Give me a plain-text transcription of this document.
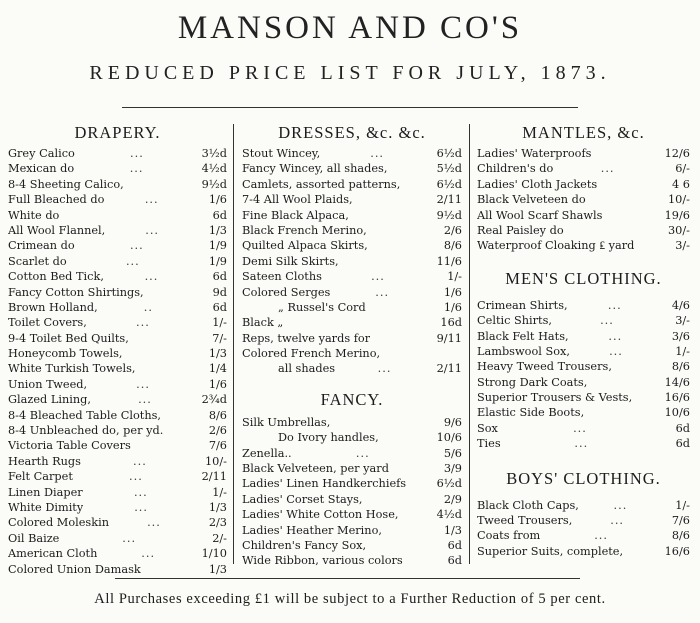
MANSON AND CO'S
REDUCED PRICE LIST FOR JULY, 1873.
DRAPERY.
Grey Calico	...	3½d
Mexican do	...	4½d
8-4 Sheeting Calico,	9½d
Full Bleached do	...	1/6
White do	6d
All Wool Flannel,	...	1/3
Crimean do	...	1/9
Scarlet do	...	1/9
Cotton Bed Tick,	...	6d
Fancy Cotton Shirtings,	9d
Brown Holland,	..	6d
Toilet Covers,	...	1/-
9-4 Toilet Bed Quilts,	7/-
Honeycomb Towels,	1/3
White Turkish Towels,	1/4
Union Tweed,	...	1/6
Glazed Lining,	...	2¾d
8-4 Bleached Table Cloths,	8/6
8-4 Unbleached do, per yd.	2/6
Victoria Table Covers	7/6
Hearth Rugs	...	10/-
Felt Carpet	...	2/11
Linen Diaper	...	1/-
White Dimity	...	1/3
Colored Moleskin	...	2/3
Oil Baize	...	2/-
American Cloth	...	1/10
Colored Union Damask	1/3
DRESSES, &c. &c.
Stout Wincey,	...	6½d
Fancy Wincey, all shades,	5½d
Camlets, assorted patterns,	6½d
7-4 All Wool Plaids,	2/11
Fine Black Alpaca,	9½d
Black French Merino,	2/6
Quilted Alpaca Skirts,	8/6
Demi Silk Skirts,	11/6
Sateen Cloths	...	1/-
Colored Serges	...	1/6
„ Russel's Cord	1/6
Black „	16d
Reps, twelve yards for	9/11
Colored French Merino,
all shades	...	2/11
FANCY.
Silk Umbrellas,	9/6
Do Ivory handles,	10/6
Zenella..	...	5/6
Black Velveteen, per yard	3/9
Ladies' Linen Handkerchiefs	6½d
Ladies' Corset Stays,	2/9
Ladies' White Cotton Hose,	4½d
Ladies' Heather Merino,	1/3
Children's Fancy Sox,	6d
Wide Ribbon, various colors	6d
MANTLES, &c.
Ladies' Waterproofs	12/6
Children's do	...	6/-
Ladies' Cloth Jackets	4 6
Black Velveteen do	10/-
All Wool Scarf Shawls	19/6
Real Paisley do	30/-
Waterproof Cloaking ₤ yard	3/-
MEN'S CLOTHING.
Crimean Shirts,	...	4/6
Celtic Shirts,	...	3/-
Black Felt Hats,	...	3/6
Lambswool Sox,	...	1/-
Heavy Tweed Trousers,	8/6
Strong Dark Coats,	14/6
Superior Trousers & Vests,	16/6
Elastic Side Boots,	10/6
Sox	...	6d
Ties	...	6d
BOYS' CLOTHING.
Black Cloth Caps,	...	1/-
Tweed Trousers,	...	7/6
Coats from	...	8/6
Superior Suits, complete,	16/6
All Purchases exceeding £1 will be subject to a Further Reduction of 5 per cent.
